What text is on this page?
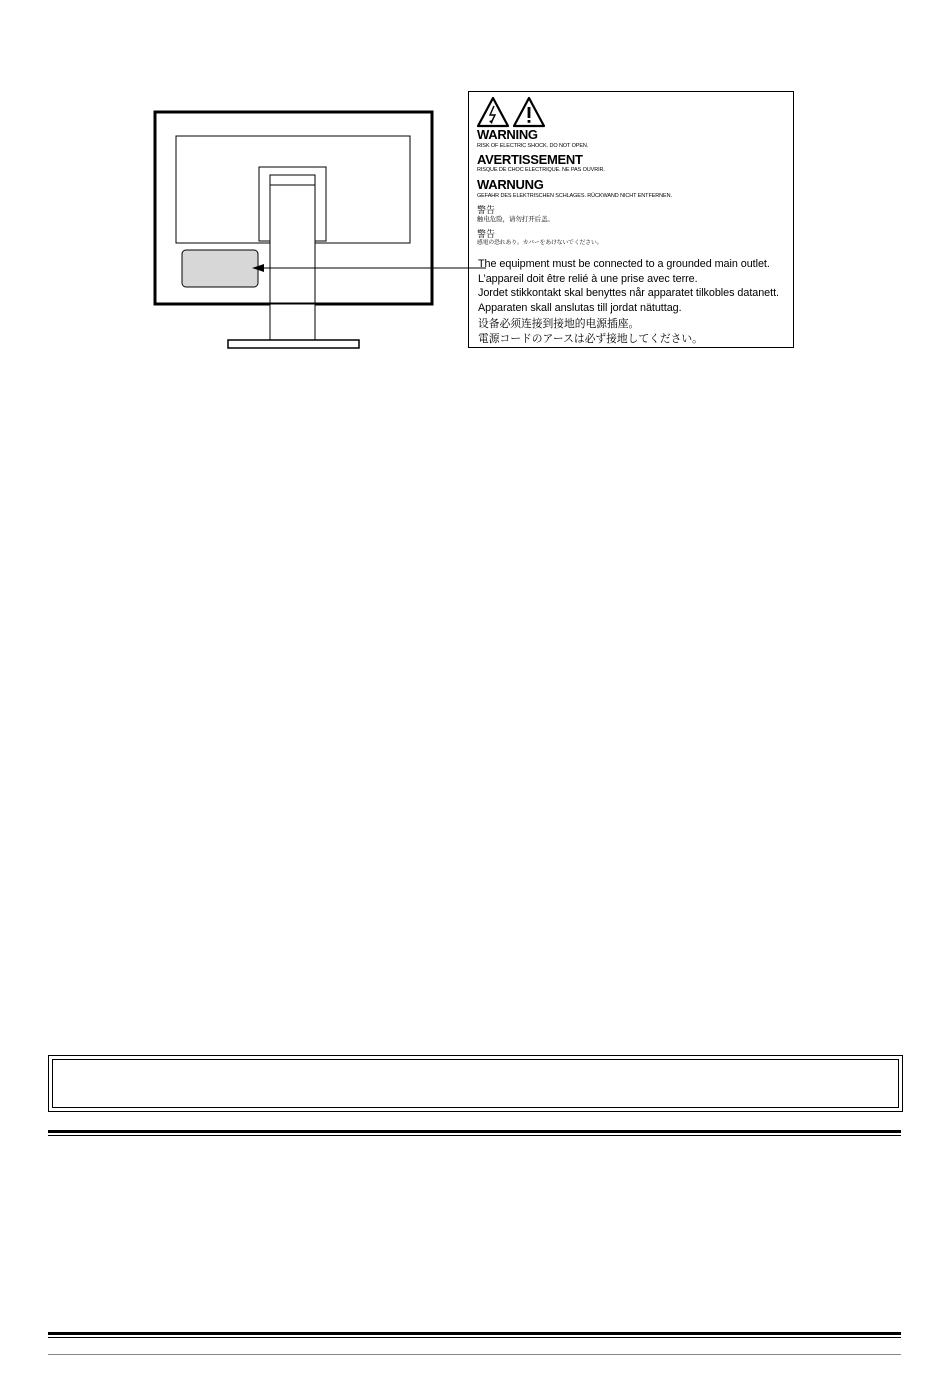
WARNING
RISK OF ELECTRIC SHOCK. DO NOT OPEN.
AVERTISSEMENT
RISQUE DE CHOC ELECTRIQUE. NE PAS OUVRIR.
WARNUNG
GEFAHR DES ELEKTRISCHEN SCHLAGES. RÜCKWAND NICHT ENTFERNEN.
警告
触电危险，请勿打开后盖。
警告
感電の恐れあり。カバーをあけないでください。
The equipment must be connected to a grounded main outlet.
L’appareil doit être relié à une prise avec terre.
Jordet stikkontakt skal benyttes når apparatet tilkobles datanett.
Apparaten skall anslutas till jordat nätuttag.
设备必须连接到接地的电源插座。
電源コードのアースは必ず接地してください。
